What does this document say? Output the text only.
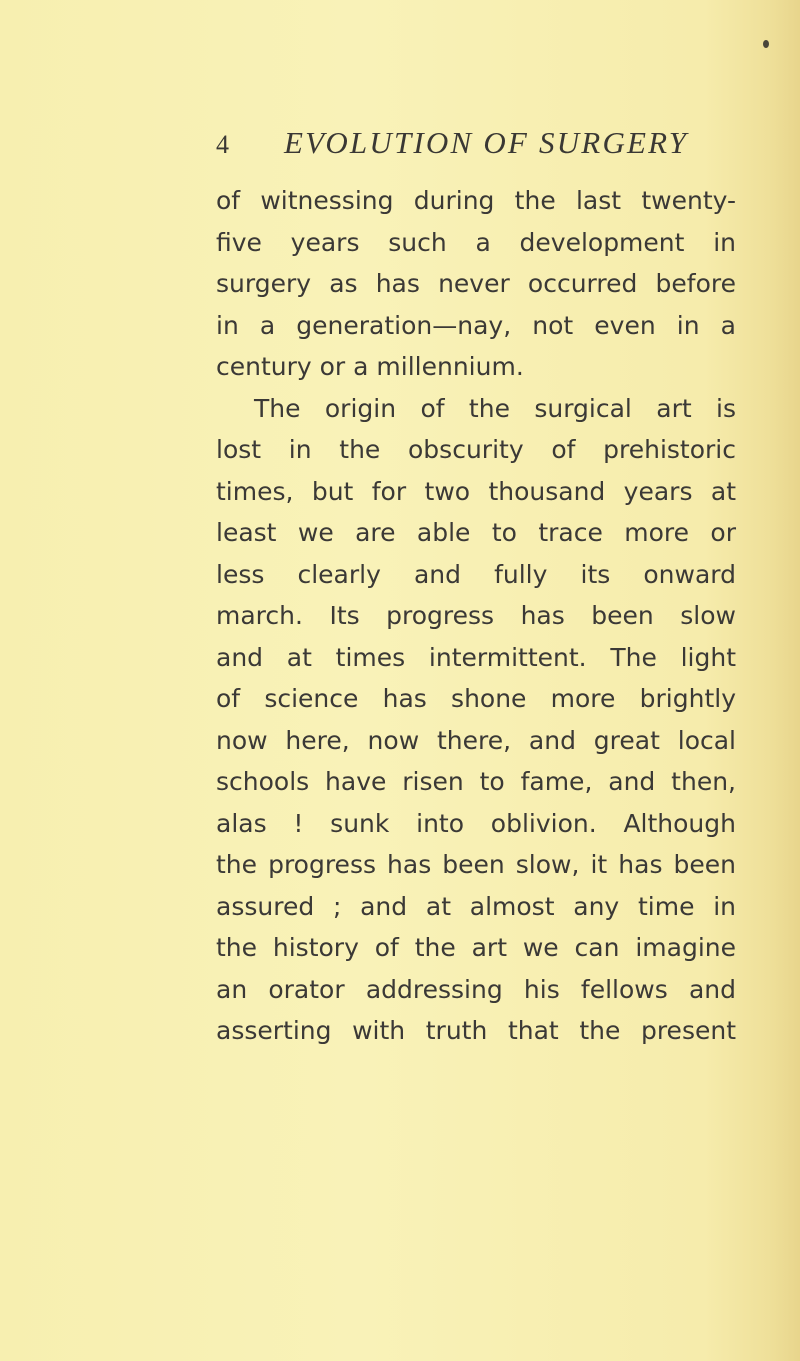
4 EVOLUTION OF SURGERY
of witnessing during the last twenty-
five years such a development in
surgery as has never occurred before
in a generation—nay, not even in a
century or a millennium.
The origin of the surgical art is
lost in the obscurity of prehistoric
times, but for two thousand years at
least we are able to trace more or
less clearly and fully its onward
march. Its progress has been slow
and at times intermittent. The light
of science has shone more brightly
now here, now there, and great local
schools have risen to fame, and then,
alas ! sunk into oblivion. Although
the progress has been slow, it has been
assured ; and at almost any time in
the history of the art we can imagine
an orator addressing his fellows and
asserting with truth that the present
